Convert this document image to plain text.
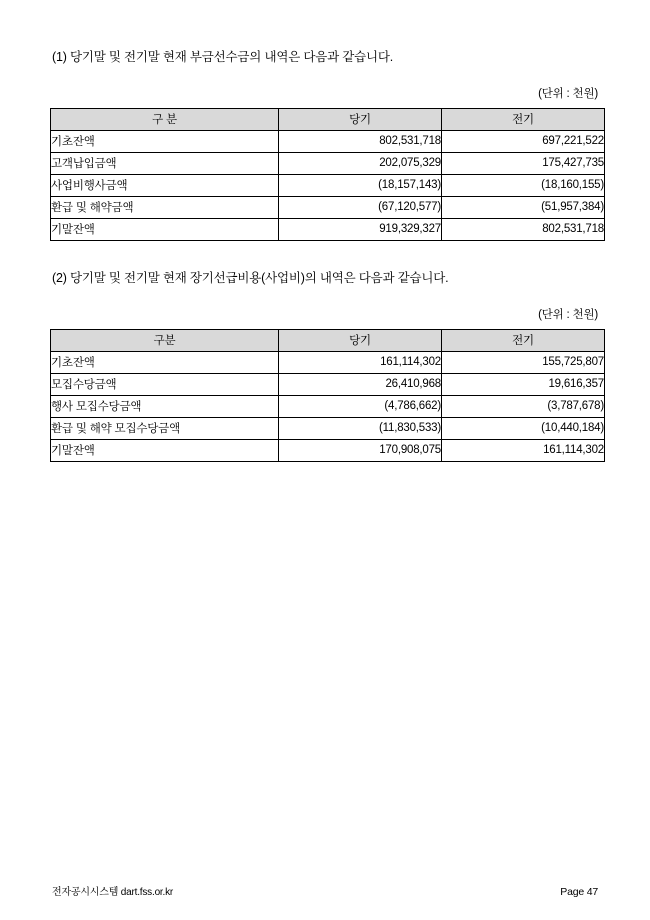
(1) 당기말 및 전기말 현재 부금선수금의 내역은 다음과 같습니다.

(단위 : 천원)

구 분	당기	전기
기초잔액	802,531,718	697,221,522
고객납입금액	202,075,329	175,427,735
사업비행사금액	(18,157,143)	(18,160,155)
환급 및 해약금액	(67,120,577)	(51,957,384)
기말잔액	919,329,327	802,531,718

(2) 당기말 및 전기말 현재 장기선급비용(사업비)의 내역은 다음과 같습니다.

(단위 : 천원)

구분	당기	전기
기초잔액	161,114,302	155,725,807
모집수당금액	26,410,968	19,616,357
행사 모집수당금액	(4,786,662)	(3,787,678)
환급 및 해약 모집수당금액	(11,830,533)	(10,440,184)
기말잔액	170,908,075	161,114,302
전자공시시스템 dart.fss.or.kr	Page 47
